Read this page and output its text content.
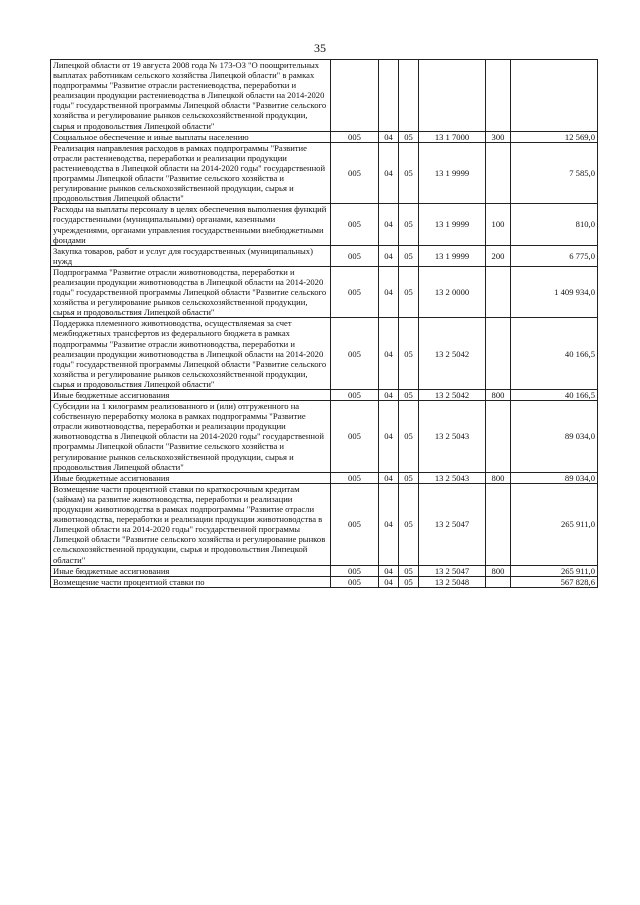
35
Липецкой области от 19 августа 2008 года № 173-ОЗ "О поощрительных выплатах работникам сельского хозяйства Липецкой области" в рамках подпрограммы "Развитие отрасли растениеводства, переработки и реализации продукции растениеводства в Липецкой области на 2014-2020 годы" государственной программы Липецкой области "Развитие сельского хозяйства и регулирование рынков сельскохозяйственной продукции, сырья и продовольствия Липецкой области"						
Социальное обеспечение и иные выплаты населению	005	04	05	13 1 7000	300	12 569,0
Реализация направления расходов в рамках подпрограммы "Развитие отрасли растениеводства, переработки и реализации продукции растениеводства в Липецкой области на 2014-2020 годы" государственной программы Липецкой области "Развитие сельского хозяйства и регулирование рынков сельскохозяйственной продукции, сырья и продовольствия Липецкой области"	005	04	05	13 1 9999		7 585,0
Расходы на выплаты персоналу в целях обеспечения выполнения функций государственными (муниципальными) органами, казенными учреждениями, органами управления государственными внебюджетными фондами	005	04	05	13 1 9999	100	810,0
Закупка товаров, работ и услуг для государственных (муниципальных) нужд	005	04	05	13 1 9999	200	6 775,0
Подпрограмма "Развитие отрасли животноводства, переработки и реализации продукции животноводства в Липецкой области на 2014-2020 годы" государственной программы Липецкой области "Развитие сельского хозяйства и регулирование рынков сельскохозяйственной продукции, сырья и продовольствия Липецкой области"	005	04	05	13 2 0000		1 409 934,0
Поддержка племенного животноводства, осуществляемая за счет межбюджетных трансфертов из федерального бюджета в рамках подпрограммы "Развитие отрасли животноводства, переработки и реализации продукции животноводства в Липецкой области на 2014-2020 годы" государственной программы Липецкой области "Развитие сельского хозяйства и регулирование рынков сельскохозяйственной продукции, сырья и продовольствия Липецкой области"	005	04	05	13 2 5042		40 166,5
Иные бюджетные ассигнования	005	04	05	13 2 5042	800	40 166,5
Субсидии на 1 килограмм реализованного и (или) отгруженного на собственную переработку молока в рамках подпрограммы "Развитие отрасли животноводства, переработки и реализации продукции животноводства в Липецкой области на 2014-2020 годы" государственной программы Липецкой области "Развитие сельского хозяйства и регулирование рынков сельскохозяйственной продукции, сырья и продовольствия Липецкой области"	005	04	05	13 2 5043		89 034,0
Иные бюджетные ассигнования	005	04	05	13 2 5043	800	89 034,0
Возмещение части процентной ставки по краткосрочным кредитам (займам) на развитие животноводства, переработки и реализации продукции животноводства в рамках подпрограммы "Развитие отрасли животноводства, переработки и реализации продукции животноводства в Липецкой области на 2014-2020 годы" государственной программы Липецкой области "Развитие сельского хозяйства и регулирование рынков сельскохозяйственной продукции, сырья и продовольствия Липецкой области"	005	04	05	13 2 5047		265 911,0
Иные бюджетные ассигнования	005	04	05	13 2 5047	800	265 911,0
Возмещение части процентной ставки по	005	04	05	13 2 5048		567 828,6
